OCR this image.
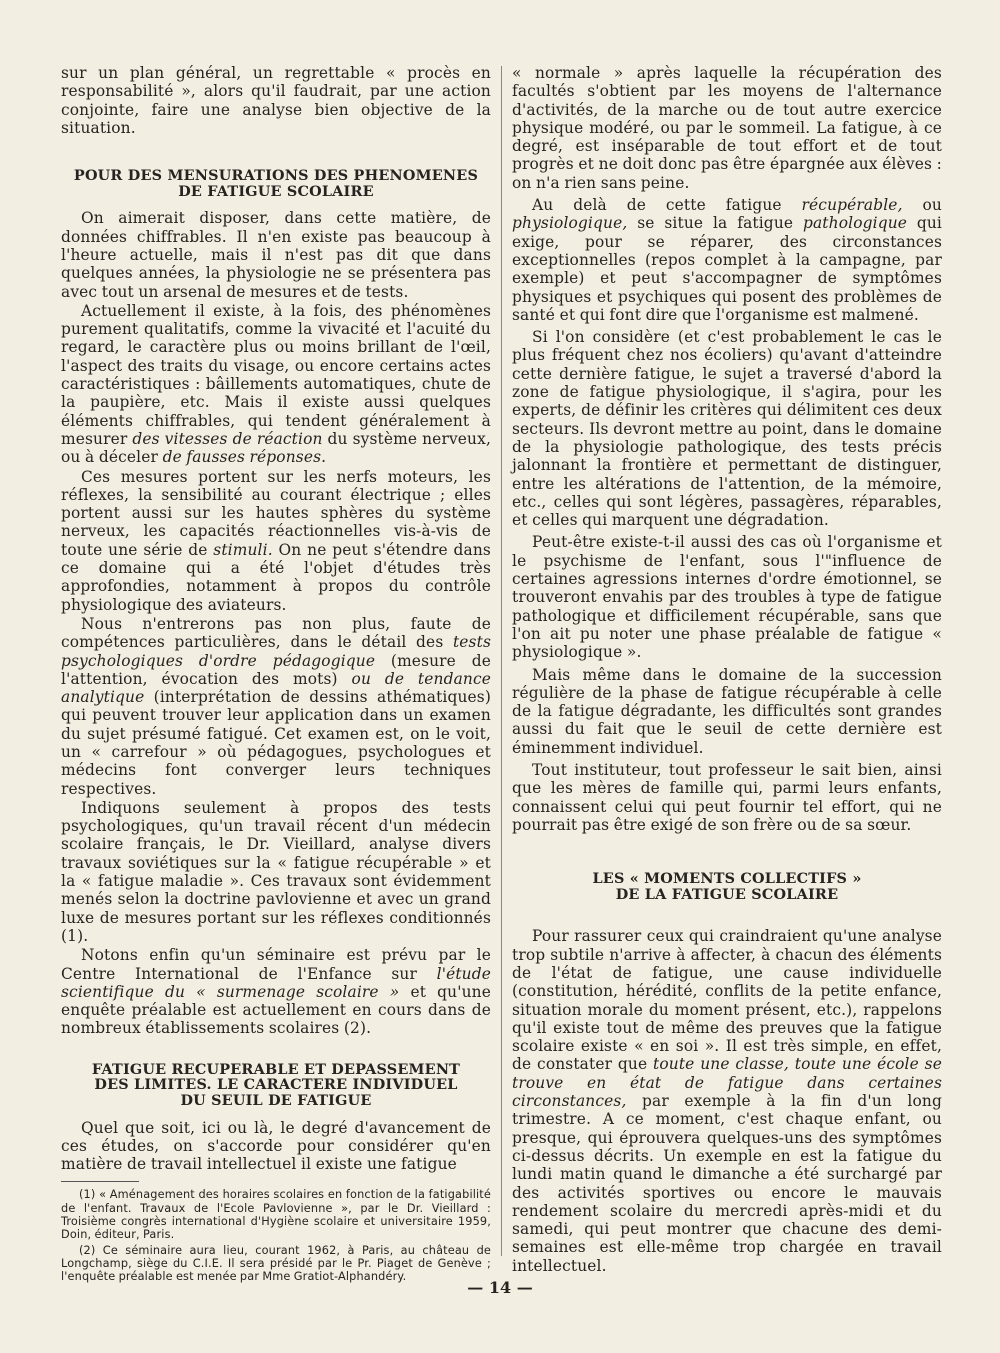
sur un plan général, un regrettable « procès en responsabilité », alors qu'il faudrait, par une action conjointe, faire une analyse bien objective de la situation.

POUR DES MENSURATIONS DES PHENOMENES
DE FATIGUE SCOLAIRE

On aimerait disposer, dans cette matière, de données chiffrables. Il n'en existe pas beaucoup à l'heure actuelle, mais il n'est pas dit que dans quelques années, la physiologie ne se présentera pas avec tout un arsenal de mesures et de tests.

Actuellement il existe, à la fois, des phénomènes purement qualitatifs, comme la vivacité et l'acuité du regard, le caractère plus ou moins brillant de l'œil, l'aspect des traits du visage, ou encore certains actes caractéristiques : bâillements automatiques, chute de la paupière, etc. Mais il existe aussi quelques éléments chiffrables, qui tendent généralement à mesurer des vitesses de réaction du système nerveux, ou à déceler de fausses réponses.

Ces mesures portent sur les nerfs moteurs, les réflexes, la sensibilité au courant électrique ; elles portent aussi sur les hautes sphères du système nerveux, les capacités réactionnelles vis-à-vis de toute une série de stimuli. On ne peut s'étendre dans ce domaine qui a été l'objet d'études très approfondies, notamment à propos du contrôle physiologique des aviateurs.

Nous n'entrerons pas non plus, faute de compétences particulières, dans le détail des tests psychologiques d'ordre pédagogique (mesure de l'attention, évocation des mots) ou de tendance analytique (interprétation de dessins athématiques) qui peuvent trouver leur application dans un examen du sujet présumé fatigué. Cet examen est, on le voit, un « carrefour » où pédagogues, psychologues et médecins font converger leurs techniques respectives.

Indiquons seulement à propos des tests psychologiques, qu'un travail récent d'un médecin scolaire français, le Dr. Vieillard, analyse divers travaux soviétiques sur la « fatigue récupérable » et la « fatigue maladie ». Ces travaux sont évidemment menés selon la doctrine pavlovienne et avec un grand luxe de mesures portant sur les réflexes conditionnés (1).

Notons enfin qu'un séminaire est prévu par le Centre International de l'Enfance sur l'étude scientifique du « surmenage scolaire » et qu'une enquête préalable est actuellement en cours dans de nombreux établissements scolaires (2).

FATIGUE RECUPERABLE ET DEPASSEMENT
DES LIMITES. LE CARACTERE INDIVIDUEL
DU SEUIL DE FATIGUE

Quel que soit, ici ou là, le degré d'avancement de ces études, on s'accorde pour considérer qu'en matière de travail intellectuel il existe une fatigue

(1) « Aménagement des horaires scolaires en fonction de la fatigabilité de l'enfant. Travaux de l'Ecole Pavlovienne », par le Dr. Vieillard : Troisième congrès international d'Hygiène scolaire et universitaire 1959, Doin, éditeur, Paris.

(2) Ce séminaire aura lieu, courant 1962, à Paris, au château de Longchamp, siège du C.I.E. Il sera présidé par le Pr. Piaget de Genève ; l'enquête préalable est menée par Mme Gratiot-Alphandéry.

« normale » après laquelle la récupération des facultés s'obtient par les moyens de l'alternance d'activités, de la marche ou de tout autre exercice physique modéré, ou par le sommeil. La fatigue, à ce degré, est inséparable de tout effort et de tout progrès et ne doit donc pas être épargnée aux élèves : on n'a rien sans peine.

Au delà de cette fatigue récupérable, ou physiologique, se situe la fatigue pathologique qui exige, pour se réparer, des circonstances exceptionnelles (repos complet à la campagne, par exemple) et peut s'accompagner de symptômes physiques et psychiques qui posent des problèmes de santé et qui font dire que l'organisme est malmené.

Si l'on considère (et c'est probablement le cas le plus fréquent chez nos écoliers) qu'avant d'atteindre cette dernière fatigue, le sujet a traversé d'abord la zone de fatigue physiologique, il s'agira, pour les experts, de définir les critères qui délimitent ces deux secteurs. Ils devront mettre au point, dans le domaine de la physiologie pathologique, des tests précis jalonnant la frontière et permettant de distinguer, entre les altérations de l'attention, de la mémoire, etc., celles qui sont légères, passagères, réparables, et celles qui marquent une dégradation.

Peut-être existe-t-il aussi des cas où l'organisme et le psychisme de l'enfant, sous l'"influence de certaines agressions internes d'ordre émotionnel, se trouveront envahis par des troubles à type de fatigue pathologique et difficilement récupérable, sans que l'on ait pu noter une phase préalable de fatigue « physiologique ».

Mais même dans le domaine de la succession régulière de la phase de fatigue récupérable à celle de la fatigue dégradante, les difficultés sont grandes aussi du fait que le seuil de cette dernière est éminemment individuel.

Tout instituteur, tout professeur le sait bien, ainsi que les mères de famille qui, parmi leurs enfants, connaissent celui qui peut fournir tel effort, qui ne pourrait pas être exigé de son frère ou de sa sœur.

LES « MOMENTS COLLECTIFS »
DE LA FATIGUE SCOLAIRE

Pour rassurer ceux qui craindraient qu'une analyse trop subtile n'arrive à affecter, à chacun des éléments de l'état de fatigue, une cause individuelle (constitution, hérédité, conflits de la petite enfance, situation morale du moment présent, etc.), rappelons qu'il existe tout de même des preuves que la fatigue scolaire existe « en soi ». Il est très simple, en effet, de constater que toute une classe, toute une école se trouve en état de fatigue dans certaines circonstances, par exemple à la fin d'un long trimestre. A ce moment, c'est chaque enfant, ou presque, qui éprouvera quelques-uns des symptômes ci-dessus décrits. Un exemple en est la fatigue du lundi matin quand le dimanche a été surchargé par des activités sportives ou encore le mauvais rendement scolaire du mercredi après-midi et du samedi, qui peut montrer que chacune des demi-semaines est elle-même trop chargée en travail intellectuel.

— 14 —
